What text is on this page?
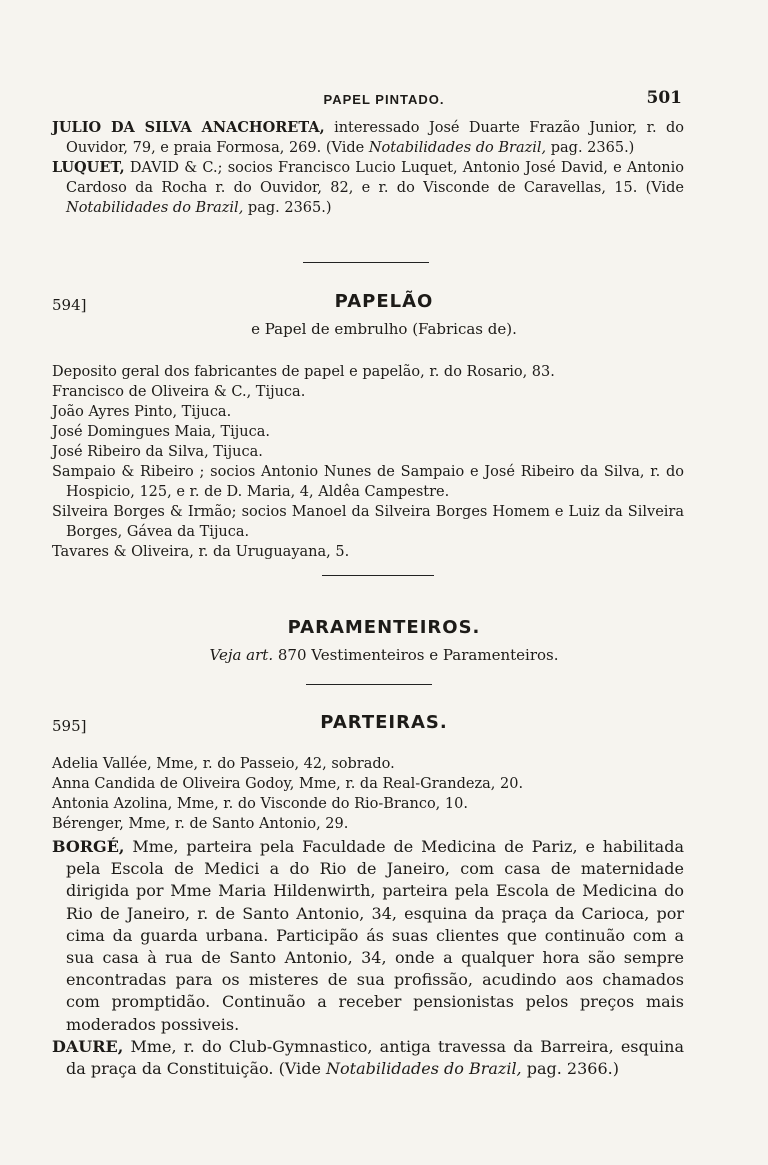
PAPEL PINTADO.	501

JULIO DA SILVA ANACHORETA, interessado José Duarte Frazão Junior, r. do Ouvidor, 79, e praia Formosa, 269. (Vide Notabilidades do Brazil, pag. 2365.)

LUQUET, DAVID & C.; socios Francisco Lucio Luquet, Antonio José David, e Antonio Cardoso da Rocha r. do Ouvidor, 82, e r. do Visconde de Caravellas, 15. (Vide Notabilidades do Brazil, pag. 2365.)

594]	PAPELÃO
e Papel de embrulho (Fabricas de).

Deposito geral dos fabricantes de papel e papelão, r. do Rosario, 83.

Francisco de Oliveira & C., Tijuca.

João Ayres Pinto, Tijuca.

José Domingues Maia, Tijuca.

José Ribeiro da Silva, Tijuca.

Sampaio & Ribeiro ; socios Antonio Nunes de Sampaio e José Ribeiro da Silva, r. do Hospicio, 125, e r. de D. Maria, 4, Aldêa Campestre.

Silveira Borges & Irmão; socios Manoel da Silveira Borges Homem e Luiz da Silveira Borges, Gávea da Tijuca.

Tavares & Oliveira, r. da Uruguayana, 5.

PARAMENTEIROS.
Veja art. 870 Vestimenteiros e Paramenteiros.
595]	PARTEIRAS.

Adelia Vallée, Mme, r. do Passeio, 42, sobrado.

Anna Candida de Oliveira Godoy, Mme, r. da Real-Grandeza, 20.

Antonia Azolina, Mme, r. do Visconde do Rio-Branco, 10.

Bérenger, Mme, r. de Santo Antonio, 29.

BORGÉ, Mme, parteira pela Faculdade de Medicina de Pariz, e habilitada pela Escola de Medici a do Rio de Janeiro, com casa de maternidade dirigida por Mme Maria Hildenwirth, parteira pela Escola de Medicina do Rio de Janeiro, r. de Santo Antonio, 34, esquina da praça da Carioca, por cima da guarda urbana. Participão ás suas clientes que continuão com a sua casa à rua de Santo Antonio, 34, onde a qualquer hora são sempre encontradas para os misteres de sua profissão, acudindo aos chamados com promptidão. Continuão a receber pensionistas pelos preços mais moderados possiveis.

DAURE, Mme, r. do Club-Gymnastico, antiga travessa da Barreira, esquina da praça da Constituição. (Vide Notabilidades do Brazil, pag. 2366.)
